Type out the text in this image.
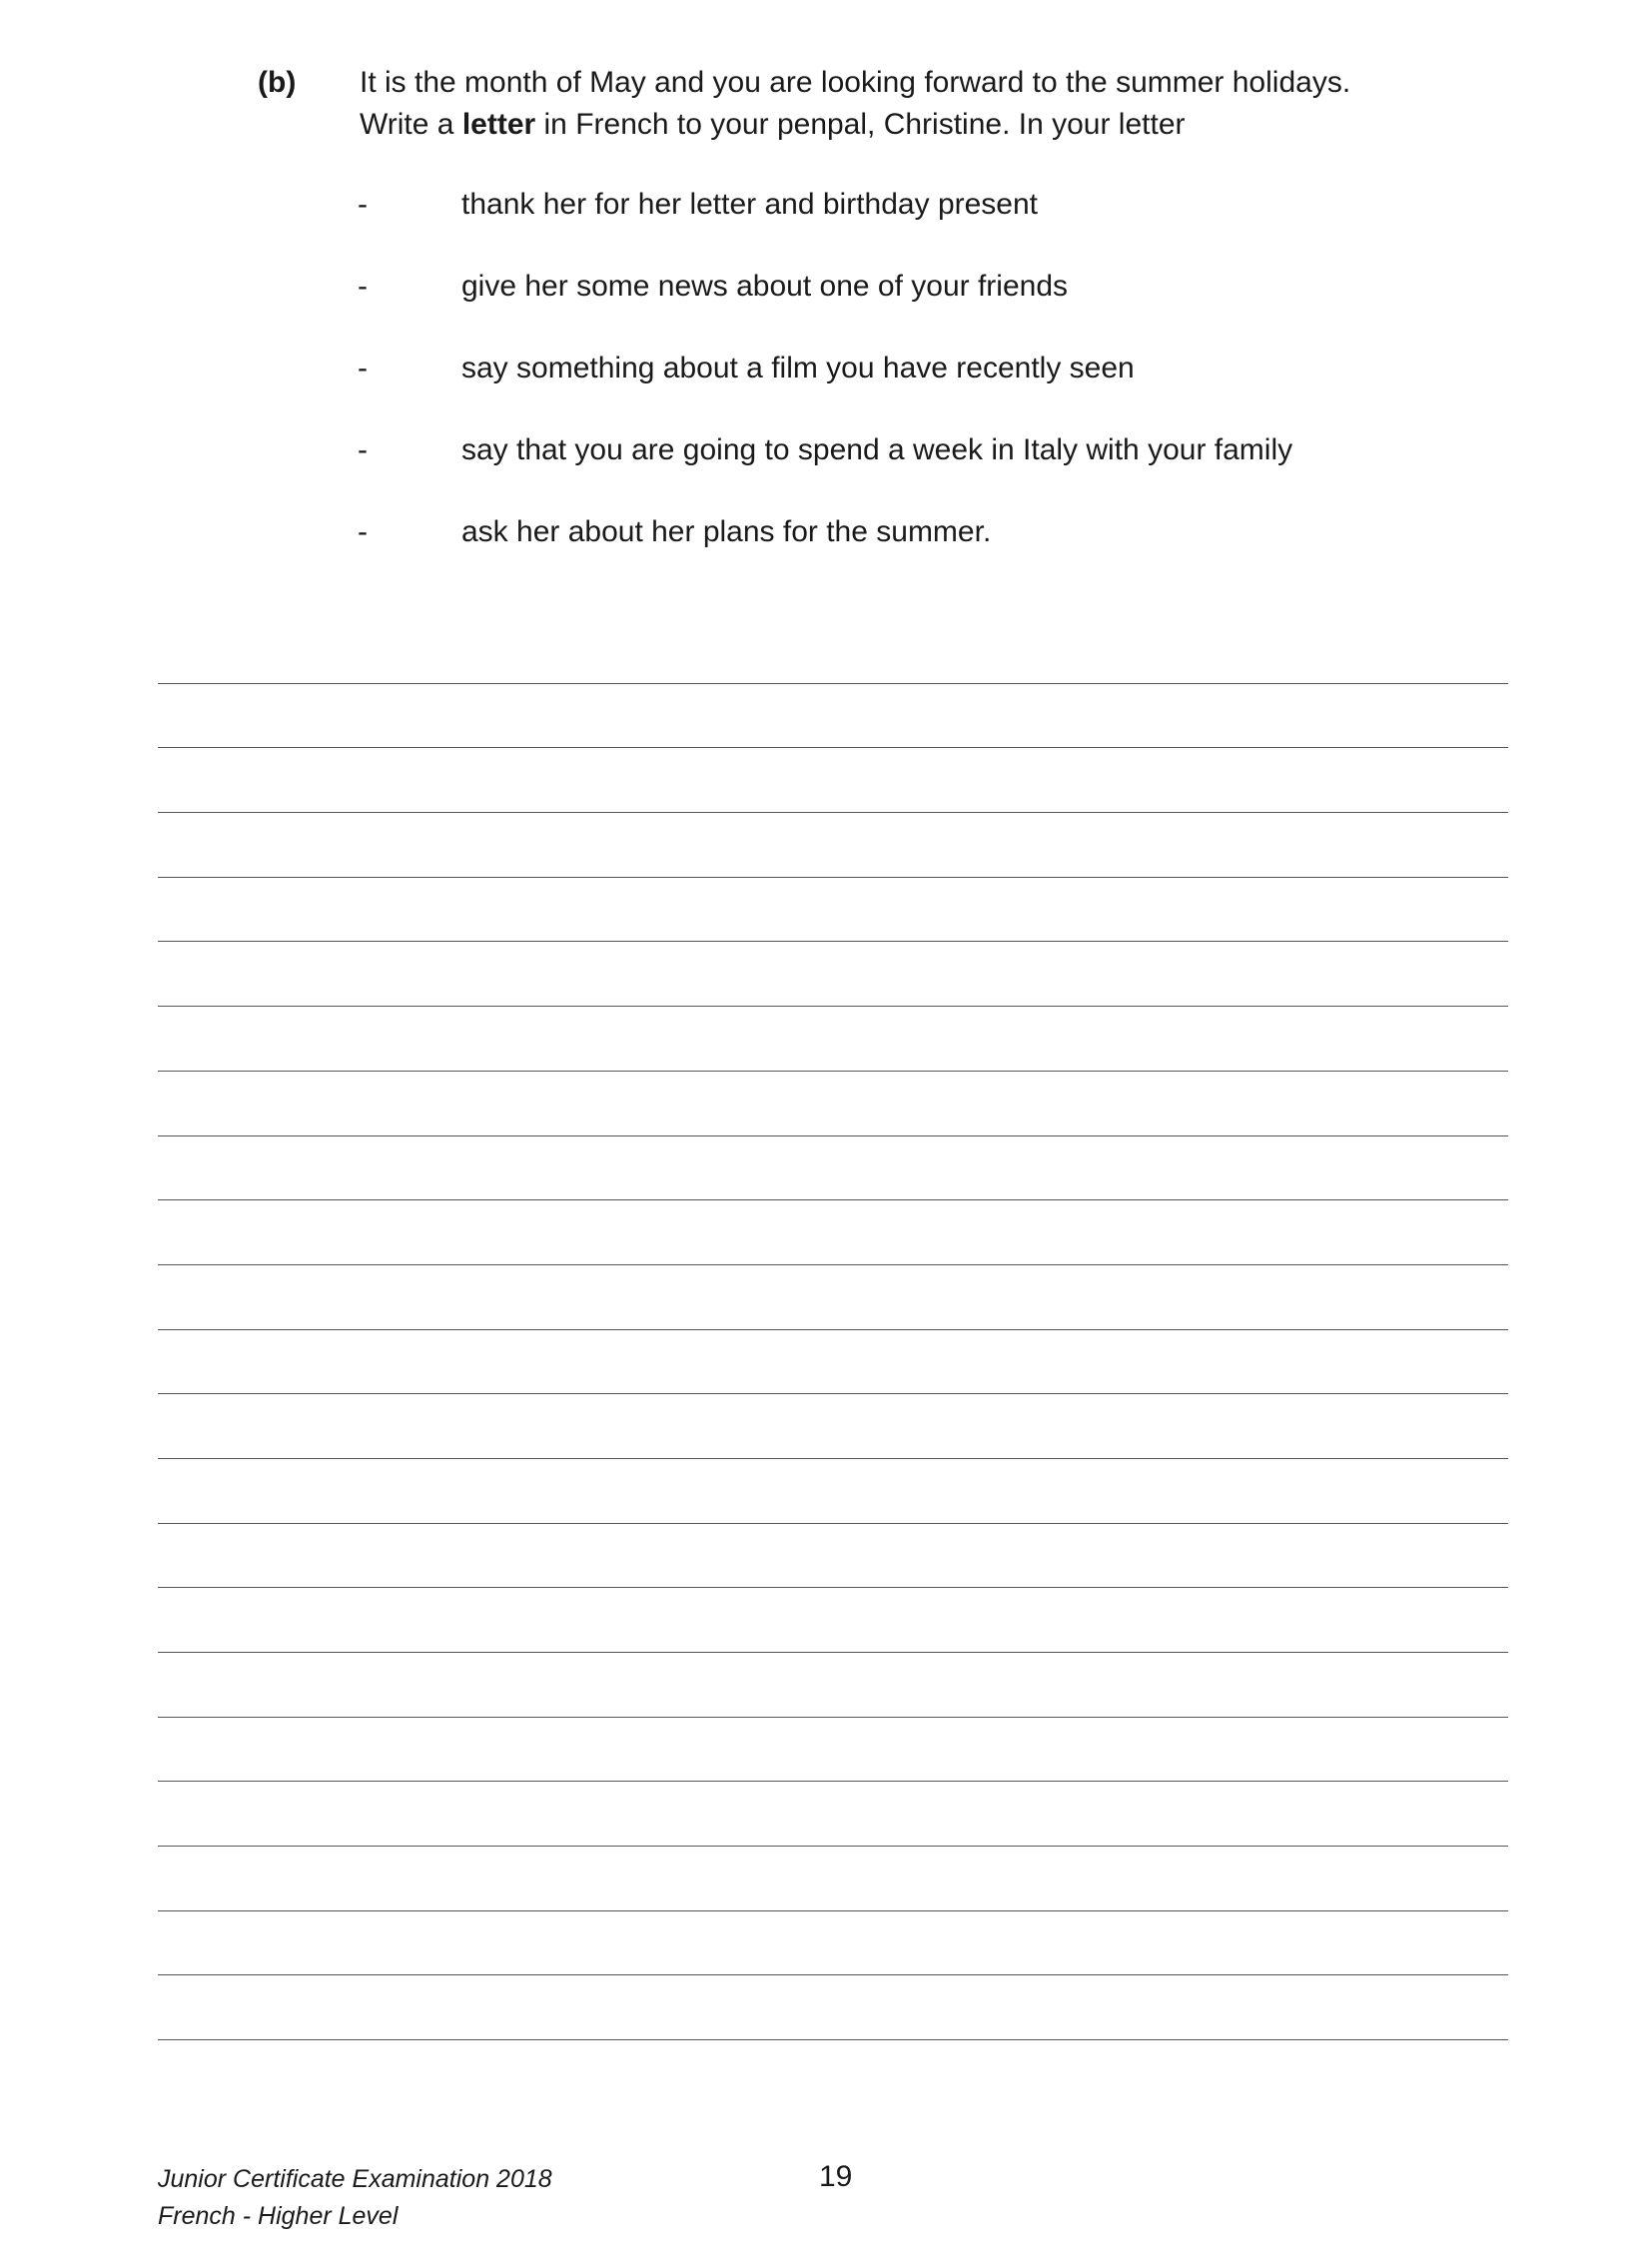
(b) It is the month of May and you are looking forward to the summer holidays.
Write a letter in French to your penpal, Christine. In your letter
-	thank her for her letter and birthday present
-	give her some news about one of your friends
-	say something about a film you have recently seen
-	say that you are going to spend a week in Italy with your family
-	ask her about her plans for the summer.
Junior Certificate Examination 2018
French - Higher Level
19
